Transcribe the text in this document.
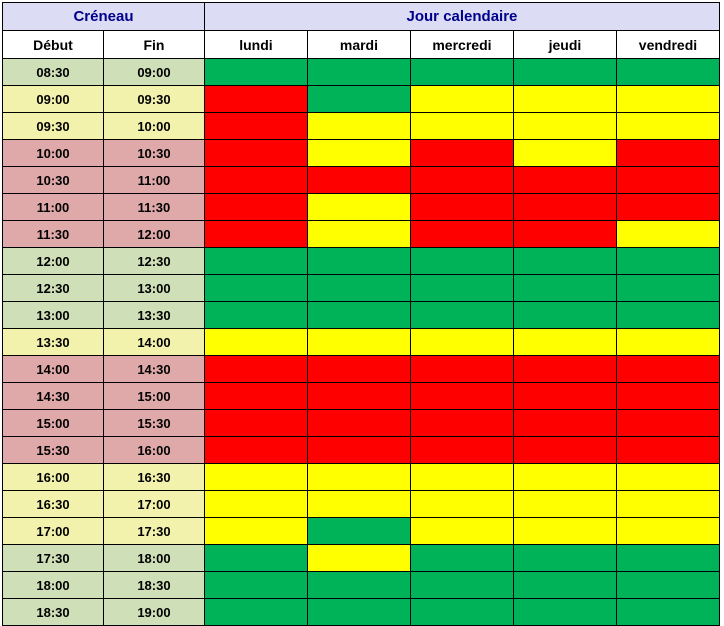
Créneau		Jour calendaire				
Début	Fin	lundi	mardi	mercredi	jeudi	vendredi
08:30	09:00					
09:00	09:30					
09:30	10:00					
10:00	10:30					
10:30	11:00					
11:00	11:30					
11:30	12:00					
12:00	12:30					
12:30	13:00					
13:00	13:30					
13:30	14:00					
14:00	14:30					
14:30	15:00					
15:00	15:30					
15:30	16:00					
16:00	16:30					
16:30	17:00					
17:00	17:30					
17:30	18:00					
18:00	18:30					
18:30	19:00					
